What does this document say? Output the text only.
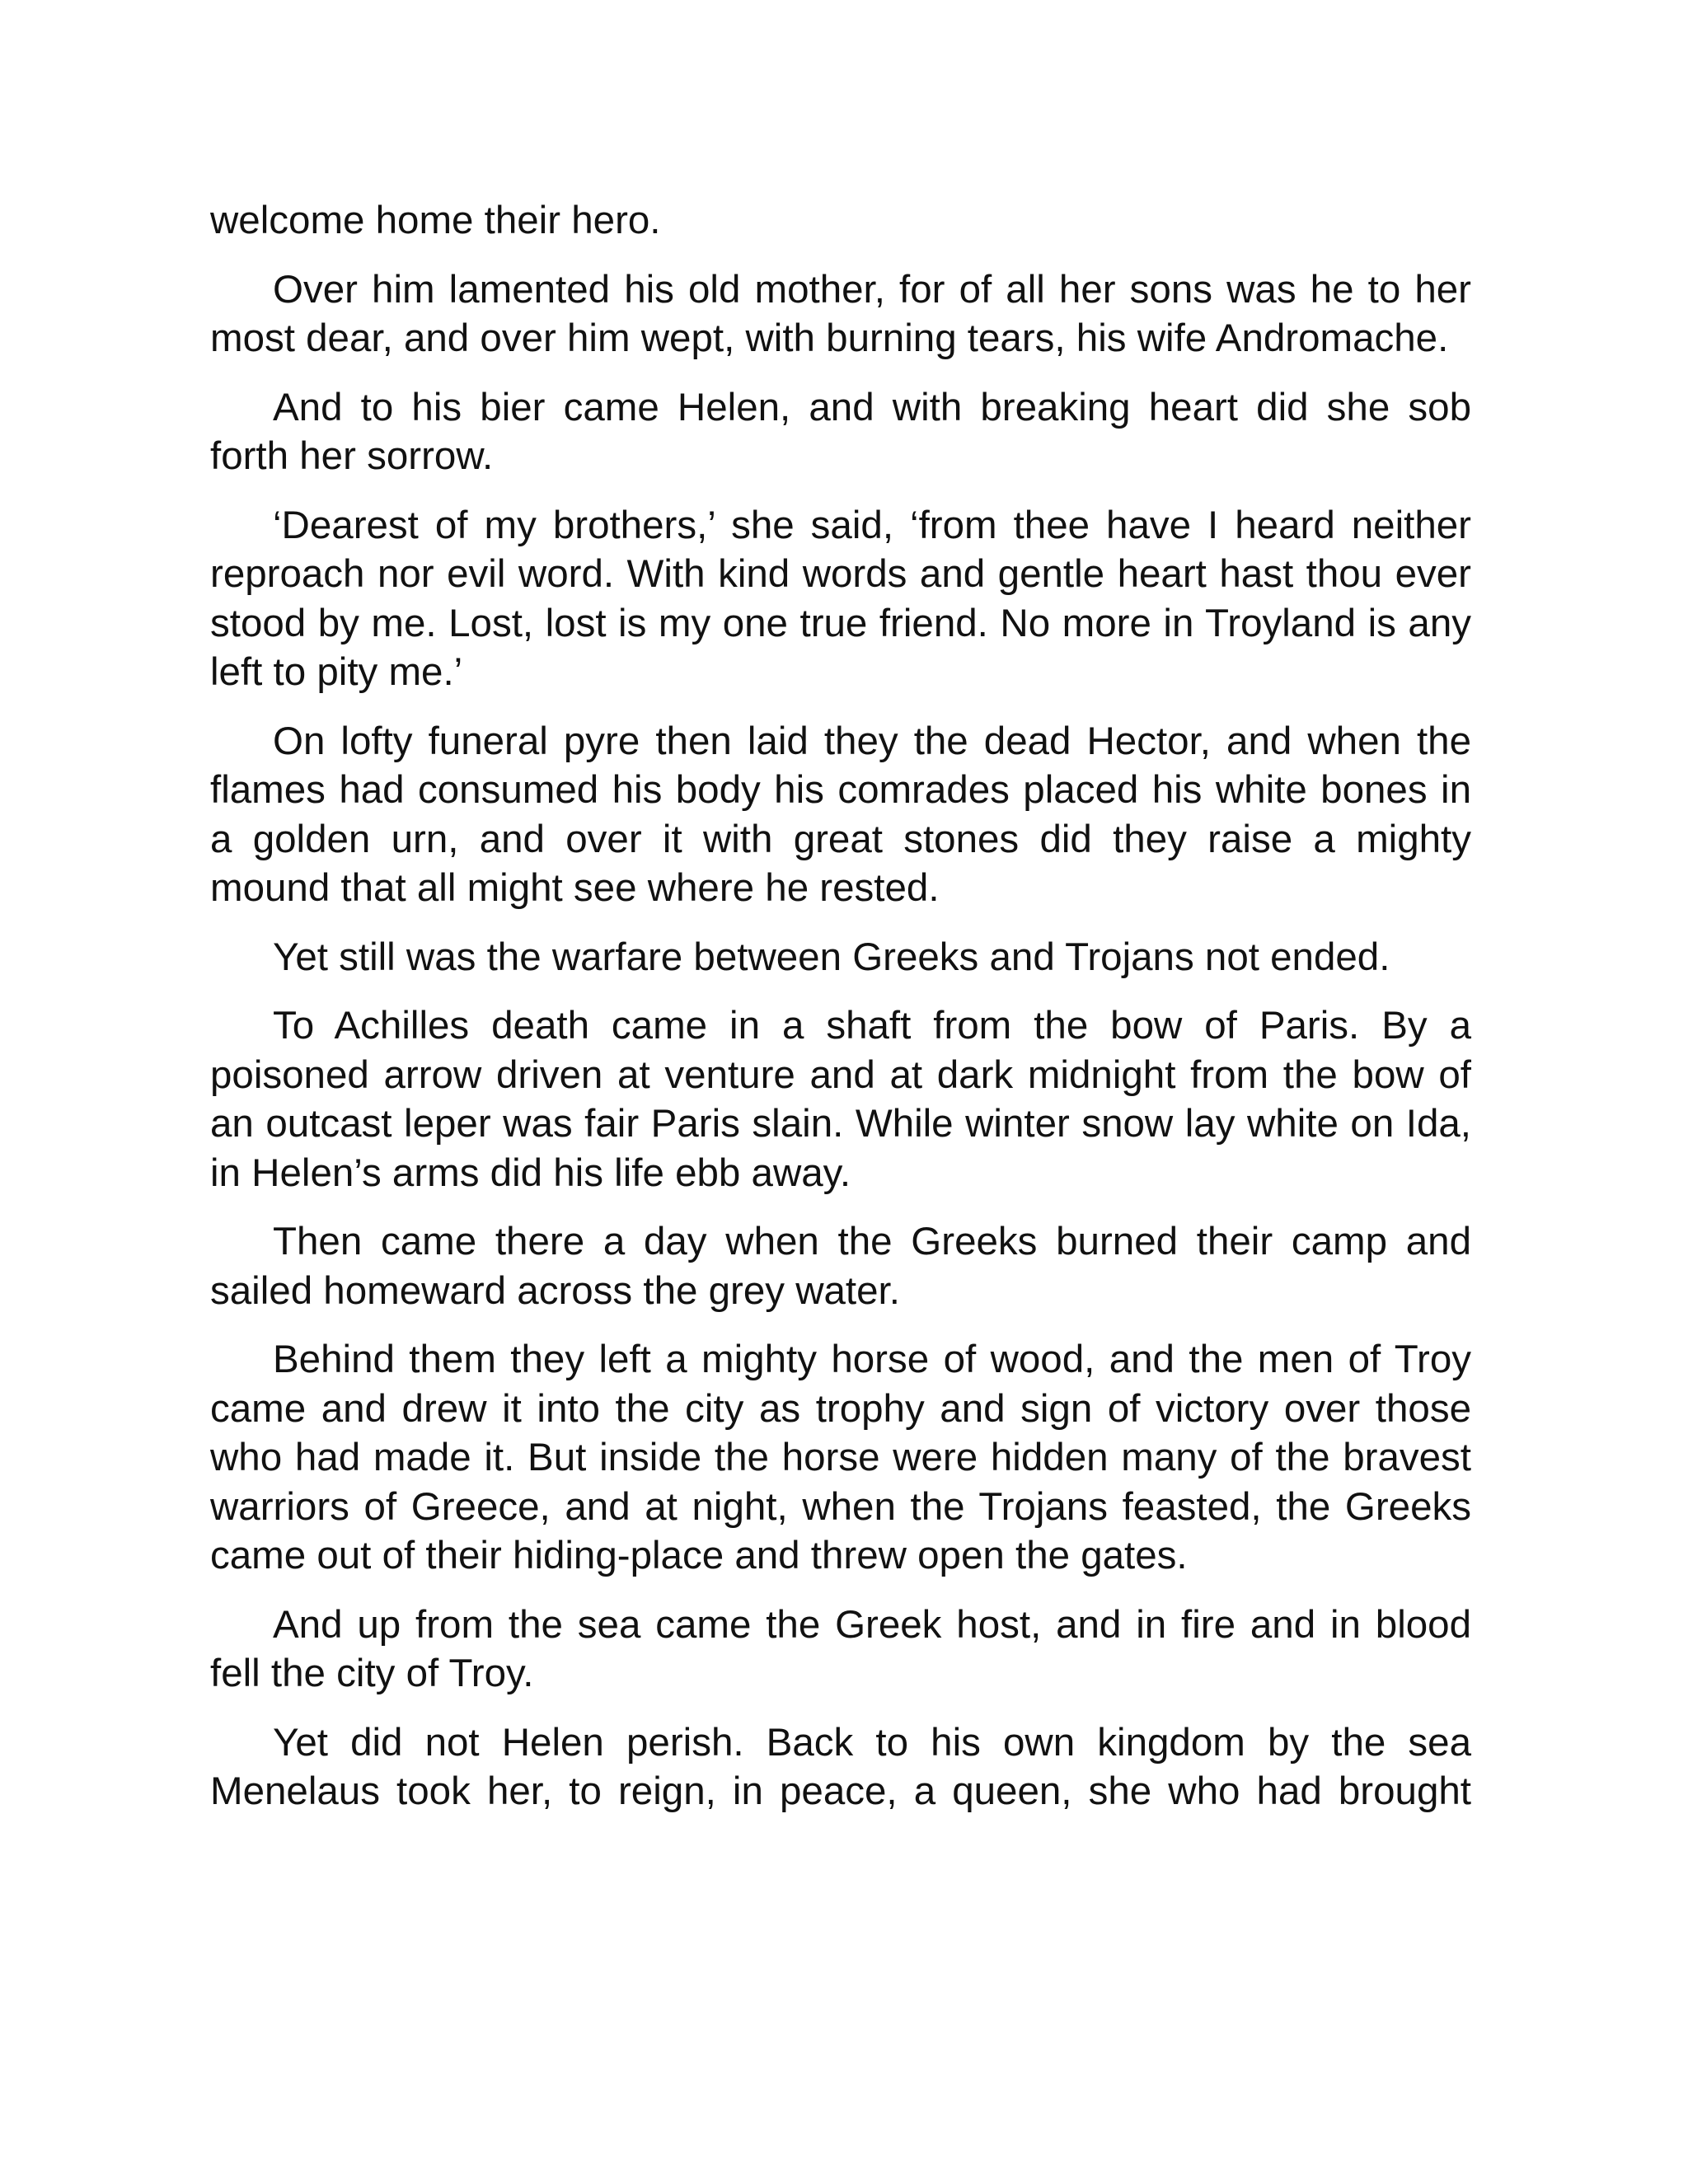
welcome home their hero.

Over him lamented his old mother, for of all her sons was he to her most dear, and over him wept, with burning tears, his wife Andromache.

And to his bier came Helen, and with breaking heart did she sob forth her sorrow.

‘Dearest of my brothers,’ she said, ‘from thee have I heard neither reproach nor evil word. With kind words and gentle heart hast thou ever stood by me. Lost, lost is my one true friend. No more in Troyland is any left to pity me.’

On lofty funeral pyre then laid they the dead Hector, and when the flames had consumed his body his comrades placed his white bones in a golden urn, and over it with great stones did they raise a mighty mound that all might see where he rested.

Yet still was the warfare between Greeks and Trojans not ended.

To Achilles death came in a shaft from the bow of Paris. By a poisoned arrow driven at venture and at dark midnight from the bow of an outcast leper was fair Paris slain. While winter snow lay white on Ida, in Helen’s arms did his life ebb away.

Then came there a day when the Greeks burned their camp and sailed homeward across the grey water.

Behind them they left a mighty horse of wood, and the men of Troy came and drew it into the city as trophy and sign of victory over those who had made it. But inside the horse were hidden many of the bravest warriors of Greece, and at night, when the Trojans feasted, the Greeks came out of their hiding-place and threw open the gates.

And up from the sea came the Greek host, and in fire and in blood fell the city of Troy.

Yet did not Helen perish. Back to his own kingdom by the sea Menelaus took her, to reign, in peace, a queen, she who had brought
